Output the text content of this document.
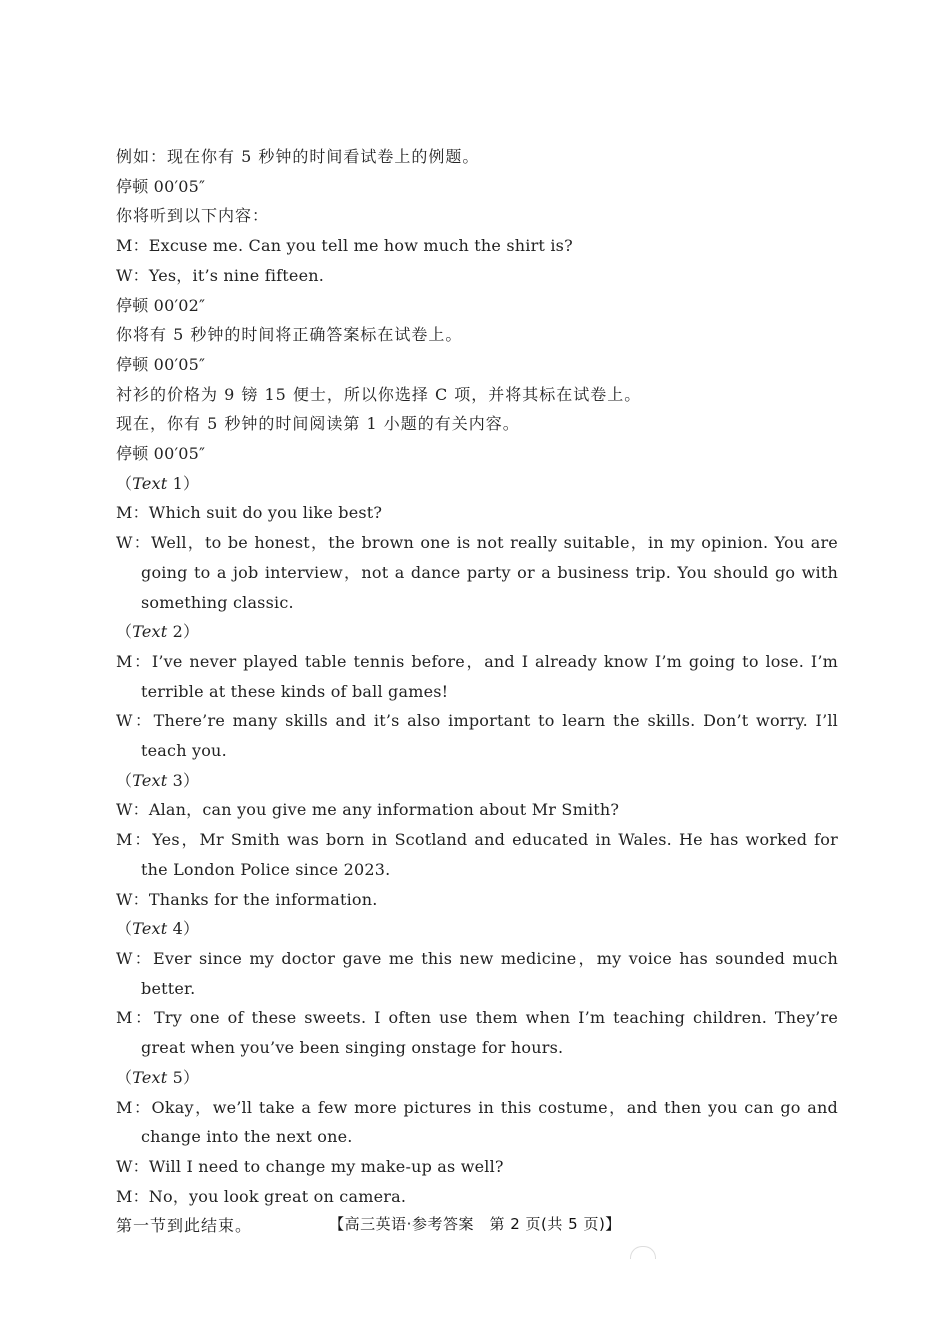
例如：现在你有 5 秒钟的时间看试卷上的例题。
停顿 00′05″
你将听到以下内容：
M：Excuse me. Can you tell me how much the shirt is?
W：Yes，it’s nine fifteen.
停顿 00′02″
你将有 5 秒钟的时间将正确答案标在试卷上。
停顿 00′05″
衬衫的价格为 9 镑 15 便士，所以你选择 C 项，并将其标在试卷上。
现在，你有 5 秒钟的时间阅读第 1 小题的有关内容。
停顿 00′05″
（Text 1）
M：Which suit do you like best?
W：Well，to be honest，the brown one is not really suitable，in my opinion. You are going to a job interview，not a dance party or a business trip. You should go with something classic.
（Text 2）
M：I’ve never played table tennis before，and I already know I’m going to lose. I’m terrible at these kinds of ball games!
W：There’re many skills and it’s also important to learn the skills. Don’t worry. I’ll teach you.
（Text 3）
W：Alan，can you give me any information about Mr Smith?
M：Yes，Mr Smith was born in Scotland and educated in Wales. He has worked for the London Police since 2023.
W：Thanks for the information.
（Text 4）
W：Ever since my doctor gave me this new medicine，my voice has sounded much better.
M：Try one of these sweets. I often use them when I’m teaching children. They’re great when you’ve been singing onstage for hours.
（Text 5）
M：Okay，we’ll take a few more pictures in this costume，and then you can go and change into the next one.
W：Will I need to change my make-up as well?
M：No，you look great on camera.
第一节到此结束。	【高三英语·参考答案　第 2 页(共 5 页)】
